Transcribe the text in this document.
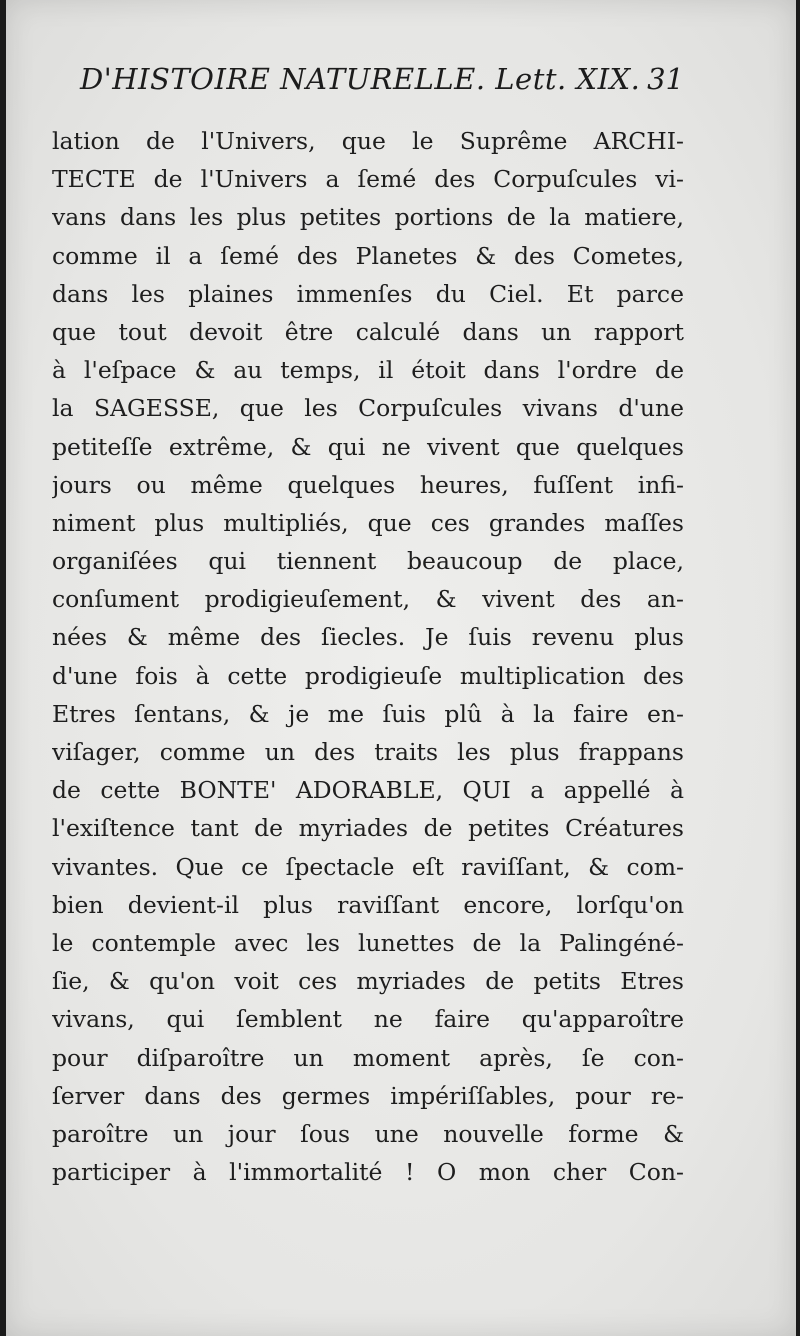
D'HISTOIRE NATURELLE. Lett. XIX. 31
lation de l'Univers, que le Suprême ARCHI-
TECTE de l'Univers a ſemé des Corpuſcules vi-
vans dans les plus petites portions de la matiere,
comme il a ſemé des Planetes & des Cometes,
dans les plaines immenſes du Ciel. Et parce
que tout devoit être calculé dans un rapport
à l'eſpace & au temps, il étoit dans l'ordre de
la SAGESSE, que les Corpuſcules vivans d'une
petiteſſe extrême, & qui ne vivent que quelques
jours ou même quelques heures, fuſſent infi-
niment plus multipliés, que ces grandes maſſes
organiſées qui tiennent beaucoup de place,
conſument prodigieuſement, & vivent des an-
nées & même des ſiecles. Je ſuis revenu plus
d'une fois à cette prodigieuſe multiplication des
Etres ſentans, & je me ſuis plû à la faire en-
viſager, comme un des traits les plus frappans
de cette BONTE' ADORABLE, QUI a appellé à
l'exiſtence tant de myriades de petites Créatures
vivantes. Que ce ſpectacle eſt raviſſant, & com-
bien devient-il plus raviſſant encore, lorſqu'on
le contemple avec les lunettes de la Palingéné-
ſie, & qu'on voit ces myriades de petits Etres
vivans, qui ſemblent ne faire qu'apparoître
pour diſparoître un moment après, ſe con-
ſerver dans des germes impériſſables, pour re-
paroître un jour ſous une nouvelle forme &
participer à l'immortalité ! O mon cher Con-
